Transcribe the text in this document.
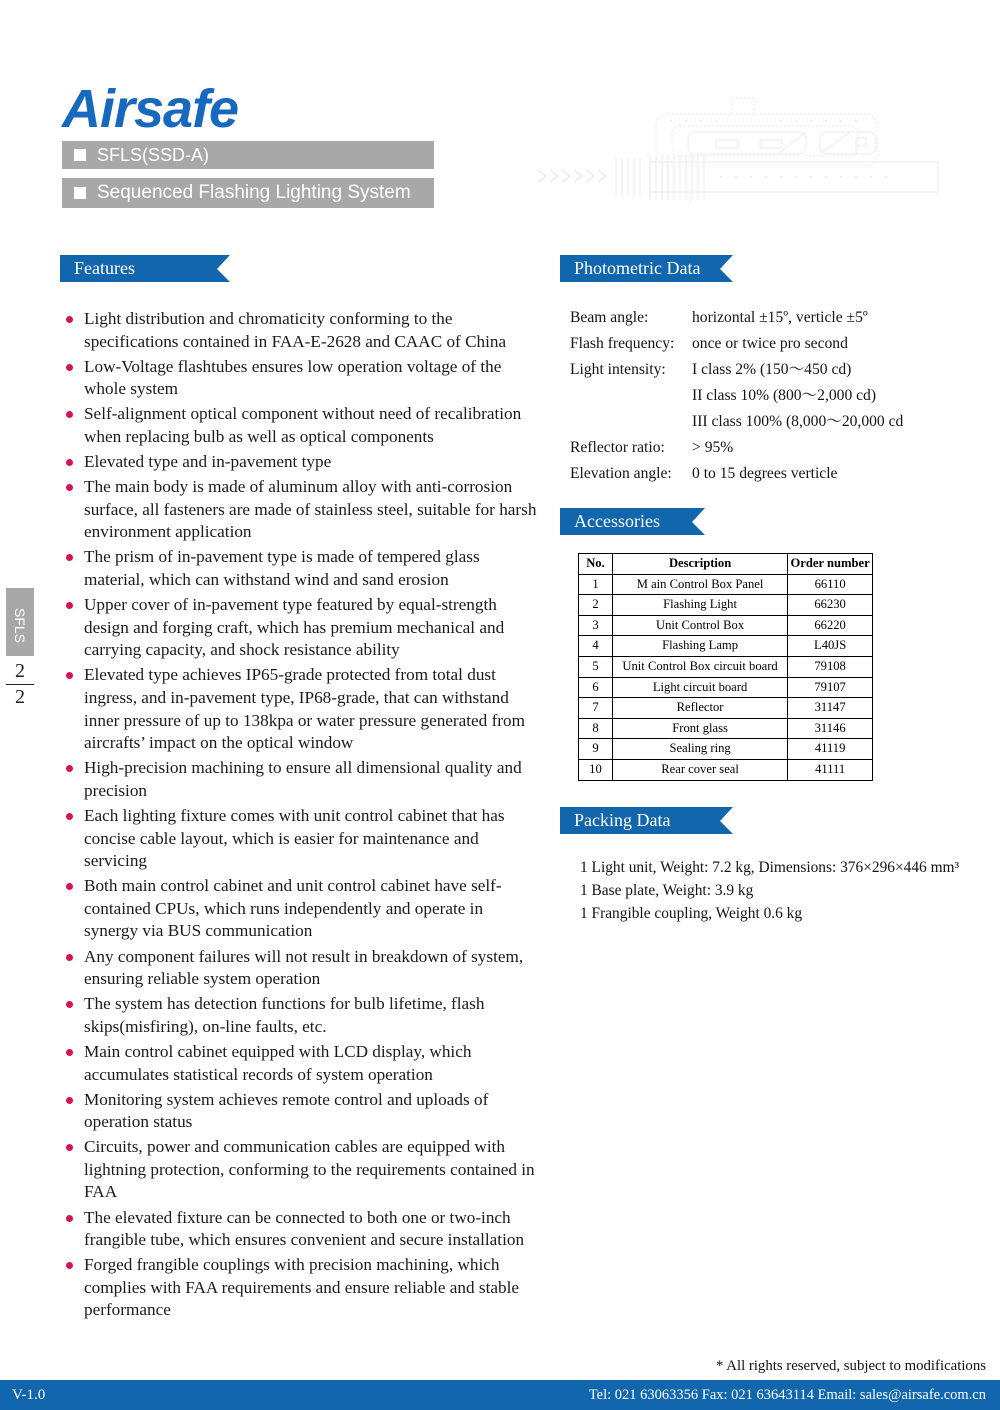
Airsafe
SFLS(SSD-A)
Sequenced Flashing Lighting System
SFLS
2
2
Features
Light distribution and chromaticity conforming to the specifications contained in FAA-E-2628 and CAAC of China
Low-Voltage flashtubes ensures low operation voltage of the whole system
Self-alignment optical component without need of recalibration when replacing bulb as well as optical components
Elevated type and in-pavement type
The main body is made of aluminum alloy with anti-corrosion surface, all fasteners are made of stainless steel, suitable for harsh environment application
The prism of in-pavement type is made of tempered glass material, which can withstand wind and sand erosion
Upper cover of in-pavement type featured by equal-strength design and forging craft, which has premium mechanical and carrying capacity, and shock resistance ability
Elevated type achieves IP65-grade protected from total dust ingress, and in-pavement type, IP68-grade, that can withstand inner pressure of up to 138kpa or water pressure generated from aircrafts’ impact on the optical window
High-precision machining to ensure all dimensional quality and precision
Each lighting fixture comes with unit control cabinet that has concise cable layout, which is easier for maintenance and servicing
Both main control cabinet and unit control cabinet have self-contained CPUs, which runs independently and operate in synergy via BUS communication
Any component failures will not result in breakdown of system, ensuring reliable system operation
The system has detection functions for bulb lifetime, flash skips(misfiring), on-line faults, etc.
Main control cabinet equipped with LCD display, which accumulates statistical records of system operation
Monitoring system achieves remote control and uploads of operation status
Circuits, power and communication cables are equipped with lightning protection, conforming to the requirements contained in FAA
The elevated fixture can be connected to both one or two-inch frangible tube, which ensures convenient and secure installation
Forged frangible couplings with precision machining, which complies with FAA requirements and ensure reliable and stable performance
Photometric Data
Beam angle:	horizontal ±15º, verticle ±5º
Flash frequency:	once or twice pro second
Light intensity:	I class 2% (150～450 cd)
	II class 10% (800～2,000 cd)
	III class 100% (8,000～20,000 cd
Reflector ratio:	> 95%
Elevation angle:	0 to 15 degrees verticle
Accessories
No.	Description	Order number
1	M ain Control Box Panel	66110
2	Flashing Light	66230
3	Unit Control Box	66220
4	Flashing Lamp	L40JS
5	Unit Control Box circuit board	79108
6	Light circuit board	79107
7	Reflector	31147
8	Front glass	31146
9	Sealing ring	41119
10	Rear cover seal	41111
Packing Data
1 Light unit, Weight: 7.2 kg, Dimensions: 376×296×446 mm³
1 Base plate, Weight: 3.9 kg
1 Frangible coupling, Weight 0.6 kg
* All rights reserved, subject to modifications
V-1.0	Tel: 021 63063356 Fax: 021 63643114 Email: sales@airsafe.com.cn
